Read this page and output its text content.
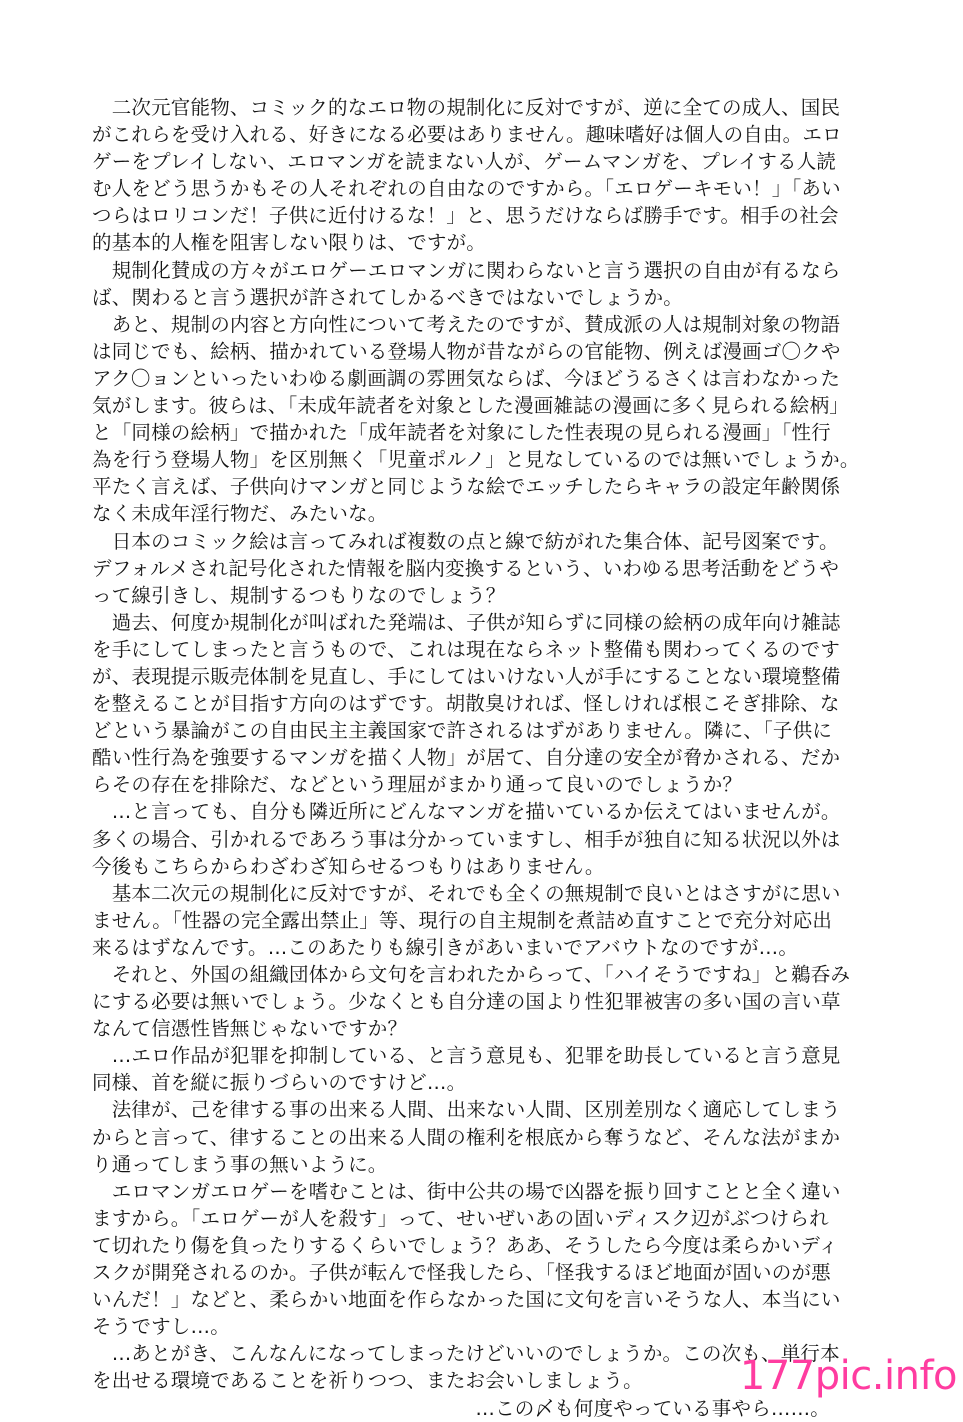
　二次元官能物、コミック的なエロ物の規制化に反対ですが、逆に全ての成人、国民
がこれらを受け入れる、好きになる必要はありません。趣味嗜好は個人の自由。エロ
ゲーをプレイしない、エロマンガを読まない人が、ゲームマンガを、プレイする人読
む人をどう思うかもその人それぞれの自由なのですから。「エロゲーキモい！」「あい
つらはロリコンだ！子供に近付けるな！」と、思うだけならば勝手です。相手の社会
的基本的人権を阻害しない限りは、ですが。
　規制化賛成の方々がエロゲーエロマンガに関わらないと言う選択の自由が有るなら
ば、関わると言う選択が許されてしかるべきではないでしょうか。
　あと、規制の内容と方向性について考えたのですが、賛成派の人は規制対象の物語
は同じでも、絵柄、描かれている登場人物が昔ながらの官能物、例えば漫画ゴ〇クや
アク〇ョンといったいわゆる劇画調の雰囲気ならば、今ほどうるさくは言わなかった
気がします。彼らは、「未成年読者を対象とした漫画雑誌の漫画に多く見られる絵柄」
と「同様の絵柄」で描かれた「成年読者を対象にした性表現の見られる漫画」「性行
為を行う登場人物」を区別無く「児童ポルノ」と見なしているのでは無いでしょうか。
平たく言えば、子供向けマンガと同じような絵でエッチしたらキャラの設定年齢関係
なく未成年淫行物だ、みたいな。
　日本のコミック絵は言ってみれば複数の点と線で紡がれた集合体、記号図案です。
デフォルメされ記号化された情報を脳内変換するという、いわゆる思考活動をどうや
って線引きし、規制するつもりなのでしょう？
　過去、何度か規制化が叫ばれた発端は、子供が知らずに同様の絵柄の成年向け雑誌
を手にしてしまったと言うもので、これは現在ならネット整備も関わってくるのです
が、表現提示販売体制を見直し、手にしてはいけない人が手にすることない環境整備
を整えることが目指す方向のはずです。胡散臭ければ、怪しければ根こそぎ排除、な
どという暴論がこの自由民主主義国家で許されるはずがありません。隣に、「子供に
酷い性行為を強要するマンガを描く人物」が居て、自分達の安全が脅かされる、だか
らその存在を排除だ、などという理屈がまかり通って良いのでしょうか？
　…と言っても、自分も隣近所にどんなマンガを描いているか伝えてはいませんが。
多くの場合、引かれるであろう事は分かっていますし、相手が独自に知る状況以外は
今後もこちらからわざわざ知らせるつもりはありません。
　基本二次元の規制化に反対ですが、それでも全くの無規制で良いとはさすがに思い
ません。「性器の完全露出禁止」等、現行の自主規制を煮詰め直すことで充分対応出
来るはずなんです。…このあたりも線引きがあいまいでアバウトなのですが…。
　それと、外国の組織団体から文句を言われたからって、「ハイそうですね」と鵜呑み
にする必要は無いでしょう。少なくとも自分達の国より性犯罪被害の多い国の言い草
なんて信憑性皆無じゃないですか？
　…エロ作品が犯罪を抑制している、と言う意見も、犯罪を助長していると言う意見
同様、首を縦に振りづらいのですけど…。
　法律が、己を律する事の出来る人間、出来ない人間、区別差別なく適応してしまう
からと言って、律することの出来る人間の権利を根底から奪うなど、そんな法がまか
り通ってしまう事の無いように。
　エロマンガエロゲーを嗜むことは、街中公共の場で凶器を振り回すことと全く違い
ますから。「エロゲーが人を殺す」って、せいぜいあの固いディスク辺がぶつけられ
て切れたり傷を負ったりするくらいでしょう？ああ、そうしたら今度は柔らかいディ
スクが開発されるのか。子供が転んで怪我したら、「怪我するほど地面が固いのが悪
いんだ！」などと、柔らかい地面を作らなかった国に文句を言いそうな人、本当にい
そうですし…。
　…あとがき、こんなんになってしまったけどいいのでしょうか。この次も、単行本
を出せる環境であることを祈りつつ、またお会いしましょう。
…この〆も何度やっている事やら……。
177pic.info
